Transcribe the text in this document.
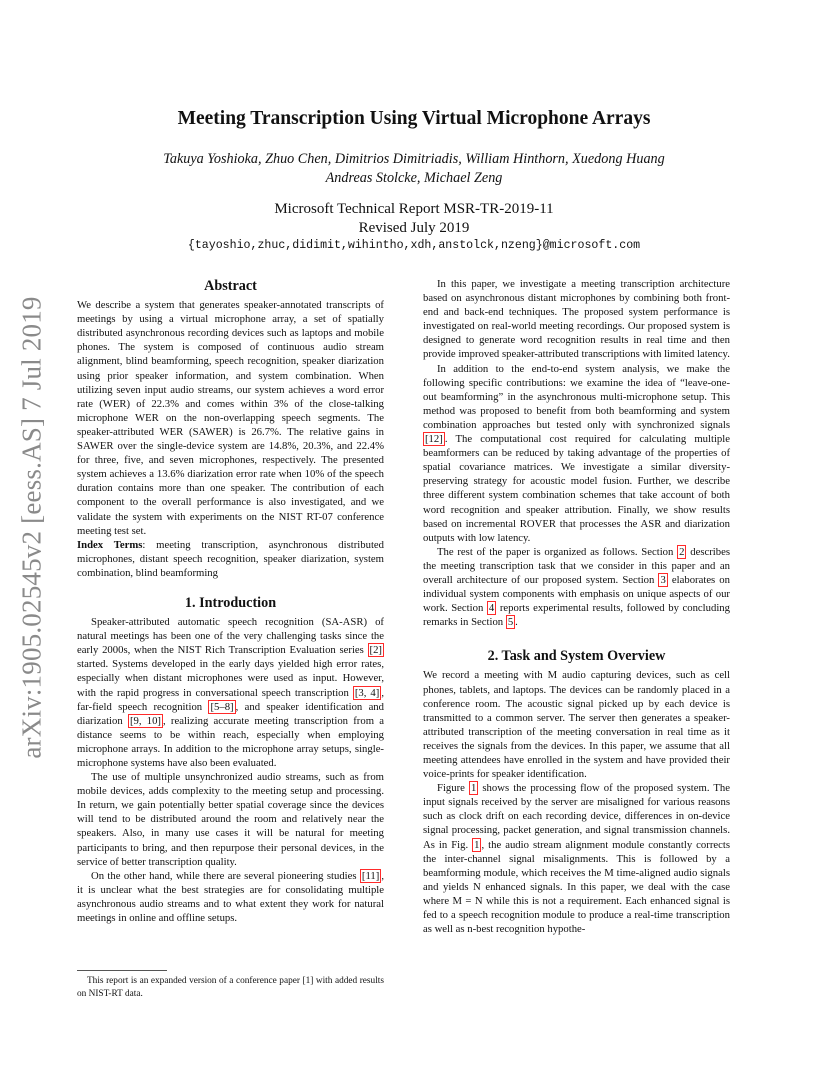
arXiv:1905.02545v2 [eess.AS] 7 Jul 2019
Meeting Transcription Using Virtual Microphone Arrays
Takuya Yoshioka, Zhuo Chen, Dimitrios Dimitriadis, William Hinthorn, Xuedong Huang
Andreas Stolcke, Michael Zeng
Microsoft Technical Report MSR-TR-2019-11
Revised July 2019
{tayoshio,zhuc,didimit,wihintho,xdh,anstolck,nzeng}@microsoft.com
Abstract

We describe a system that generates speaker-annotated transcripts of meetings by using a virtual microphone array, a set of spatially distributed asynchronous recording devices such as laptops and mobile phones. The system is composed of continuous audio stream alignment, blind beamforming, speech recognition, speaker diarization using prior speaker information, and system combination. When utilizing seven input audio streams, our system achieves a word error rate (WER) of 22.3% and comes within 3% of the close-talking microphone WER on the non-overlapping speech segments. The speaker-attributed WER (SAWER) is 26.7%. The relative gains in SAWER over the single-device system are 14.8%, 20.3%, and 22.4% for three, five, and seven microphones, respectively. The presented system achieves a 13.6% diarization error rate when 10% of the speech duration contains more than one speaker. The contribution of each component to the overall performance is also investigated, and we validate the system with experiments on the NIST RT-07 conference meeting test set.

Index Terms: meeting transcription, asynchronous distributed microphones, distant speech recognition, speaker diarization, system combination, blind beamforming

1. Introduction

Speaker-attributed automatic speech recognition (SA-ASR) of natural meetings has been one of the very challenging tasks since the early 2000s, when the NIST Rich Transcription Evaluation series [2] started. Systems developed in the early days yielded high error rates, especially when distant microphones were used as input. However, with the rapid progress in conversational speech transcription [3, 4] , far-field speech recognition [5–8] , and speaker identification and diarization [9, 10] , realizing accurate meeting transcription from a distance seems to be within reach, especially when employing microphone arrays. In addition to the microphone array setups, single-microphone systems have also been evaluated.

The use of multiple unsynchronized audio streams, such as from mobile devices, adds complexity to the meeting setup and processing. In return, we gain potentially better spatial coverage since the devices will tend to be distributed around the room and relatively near the speakers. Also, in many use cases it will be natural for meeting participants to bring, and then repurpose their personal devices, in the service of better transcription quality.

On the other hand, while there are several pioneering studies [11] , it is unclear what the best strategies are for consolidating multiple asynchronous audio streams and to what extent they work for natural meetings in online and offline setups.

This report is an expanded version of a conference paper [1] with added results on NIST-RT data.

In this paper, we investigate a meeting transcription architecture based on asynchronous distant microphones by combining both front-end and back-end techniques. The proposed system performance is investigated on real-world meeting recordings. Our proposed system is designed to generate word recognition results in real time and then provide improved speaker-attributed transcriptions with limited latency.

In addition to the end-to-end system analysis, we make the following specific contributions: we examine the idea of “leave-one-out beamforming” in the asynchronous multi-microphone setup. This method was proposed to benefit from both beamforming and system combination approaches but tested only with synchronized signals [12] . The computational cost required for calculating multiple beamformers can be reduced by taking advantage of the properties of spatial covariance matrices. We investigate a similar diversity-preserving strategy for acoustic model fusion. Further, we describe three different system combination schemes that take account of both word recognition and speaker attribution. Finally, we show results based on incremental ROVER that processes the ASR and diarization outputs with low latency.

The rest of the paper is organized as follows. Section 2 describes the meeting transcription task that we consider in this paper and an overall architecture of our proposed system. Section 3 elaborates on individual system components with emphasis on unique aspects of our work. Section 4 reports experimental results, followed by concluding remarks in Section 5 .

2. Task and System Overview

We record a meeting with M audio capturing devices, such as cell phones, tablets, and laptops. The devices can be randomly placed in a conference room. The acoustic signal picked up by each device is transmitted to a common server. The server then generates a speaker-attributed transcription of the meeting conversation in real time as it receives the signals from the devices. In this paper, we assume that all meeting attendees have enrolled in the system and have provided their voice-prints for speaker identification.

Figure 1 shows the processing flow of the proposed system. The input signals received by the server are misaligned for various reasons such as clock drift on each recording device, differences in on-device signal processing, packet generation, and signal transmission channels. As in Fig. 1 , the audio stream alignment module constantly corrects the inter-channel signal misalignments. This is followed by a beamforming module, which receives the M time-aligned audio signals and yields N enhanced signals. In this paper, we deal with the case where M = N while this is not a requirement. Each enhanced signal is fed to a speech recognition module to produce a real-time transcription as well as n-best recognition hypothe-
